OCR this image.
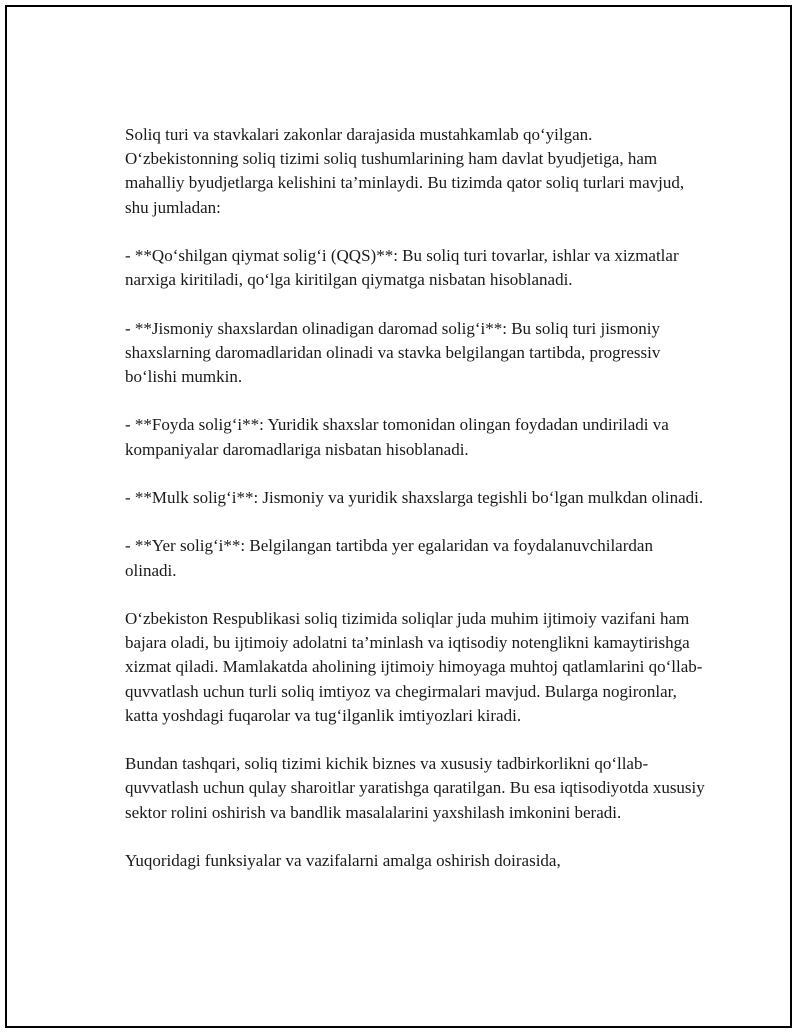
Soliq turi va stavkalari zakonlar darajasida mustahkamlab qo‘yilgan. O‘zbekistonning soliq tizimi soliq tushumlarining ham davlat byudjetiga, ham mahalliy byudjetlarga kelishini ta’minlaydi. Bu tizimda qator soliq turlari mavjud, shu jumladan:

- **Qo‘shilgan qiymat solig‘i (QQS)**: Bu soliq turi tovarlar, ishlar va xizmatlar narxiga kiritiladi, qo‘lga kiritilgan qiymatga nisbatan hisoblanadi.

- **Jismoniy shaxslardan olinadigan daromad solig‘i**: Bu soliq turi jismoniy shaxslarning daromadlaridan olinadi va stavka belgilangan tartibda, progressiv bo‘lishi mumkin.

- **Foyda solig‘i**: Yuridik shaxslar tomonidan olingan foydadan undiriladi va kompaniyalar daromadlariga nisbatan hisoblanadi.

- **Mulk solig‘i**: Jismoniy va yuridik shaxslarga tegishli bo‘lgan mulkdan olinadi.

- **Yer solig‘i**: Belgilangan tartibda yer egalaridan va foydalanuvchilardan olinadi.

O‘zbekiston Respublikasi soliq tizimida soliqlar juda muhim ijtimoiy vazifani ham bajara oladi, bu ijtimoiy adolatni ta’minlash va iqtisodiy notenglikni kamaytirishga xizmat qiladi. Mamlakatda aholining ijtimoiy himoyaga muhtoj qatlamlarini qo‘llab-quvvatlash uchun turli soliq imtiyoz va chegirmalari mavjud. Bularga nogironlar, katta yoshdagi fuqarolar va tug‘ilganlik imtiyozlari kiradi.

Bundan tashqari, soliq tizimi kichik biznes va xususiy tadbirkorlikni qo‘llab-quvvatlash uchun qulay sharoitlar yaratishga qaratilgan. Bu esa iqtisodiyotda xususiy sektor rolini oshirish va bandlik masalalarini yaxshilash imkonini beradi.

Yuqoridagi funksiyalar va vazifalarni amalga oshirish doirasida,
